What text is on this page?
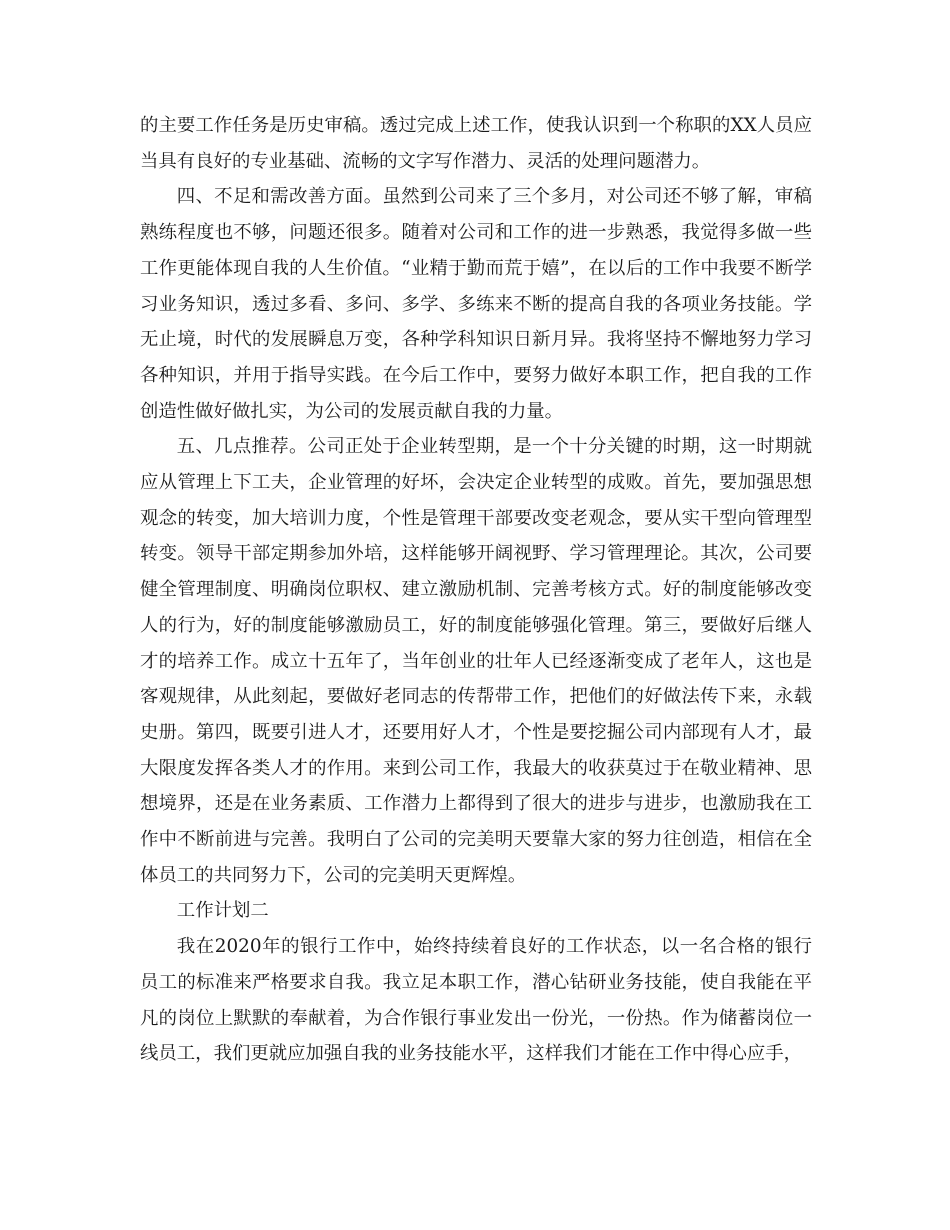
的主要工作任务是历史审稿。透过完成上述工作，使我认识到一个称职的XX人员应当具有良好的专业基础、流畅的文字写作潜力、灵活的处理问题潜力。

四、不足和需改善方面。虽然到公司来了三个多月，对公司还不够了解，审稿熟练程度也不够，问题还很多。随着对公司和工作的进一步熟悉，我觉得多做一些工作更能体现自我的人生价值。“业精于勤而荒于嬉”，在以后的工作中我要不断学习业务知识，透过多看、多问、多学、多练来不断的提高自我的各项业务技能。学无止境，时代的发展瞬息万变，各种学科知识日新月异。我将坚持不懈地努力学习各种知识，并用于指导实践。在今后工作中，要努力做好本职工作，把自我的工作创造性做好做扎实，为公司的发展贡献自我的力量。

五、几点推荐。公司正处于企业转型期，是一个十分关键的时期，这一时期就应从管理上下工夫，企业管理的好坏，会决定企业转型的成败。首先，要加强思想观念的转变，加大培训力度，个性是管理干部要改变老观念，要从实干型向管理型转变。领导干部定期参加外培，这样能够开阔视野、学习管理理论。其次，公司要健全管理制度、明确岗位职权、建立激励机制、完善考核方式。好的制度能够改变人的行为，好的制度能够激励员工，好的制度能够强化管理。第三，要做好后继人才的培养工作。成立十五年了，当年创业的壮年人已经逐渐变成了老年人，这也是客观规律，从此刻起，要做好老同志的传帮带工作，把他们的好做法传下来，永载史册。第四，既要引进人才，还要用好人才，个性是要挖掘公司内部现有人才，最大限度发挥各类人才的作用。来到公司工作，我最大的收获莫过于在敬业精神、思想境界，还是在业务素质、工作潜力上都得到了很大的进步与进步，也激励我在工作中不断前进与完善。我明白了公司的完美明天要靠大家的努力往创造，相信在全体员工的共同努力下，公司的完美明天更辉煌。

工作计划二

我在2020年的银行工作中，始终持续着良好的工作状态，以一名合格的银行员工的标准来严格要求自我。我立足本职工作，潜心钻研业务技能，使自我能在平凡的岗位上默默的奉献着，为合作银行事业发出一份光，一份热。作为储蓄岗位一线员工，我们更就应加强自我的业务技能水平，这样我们才能在工作中得心应手，
